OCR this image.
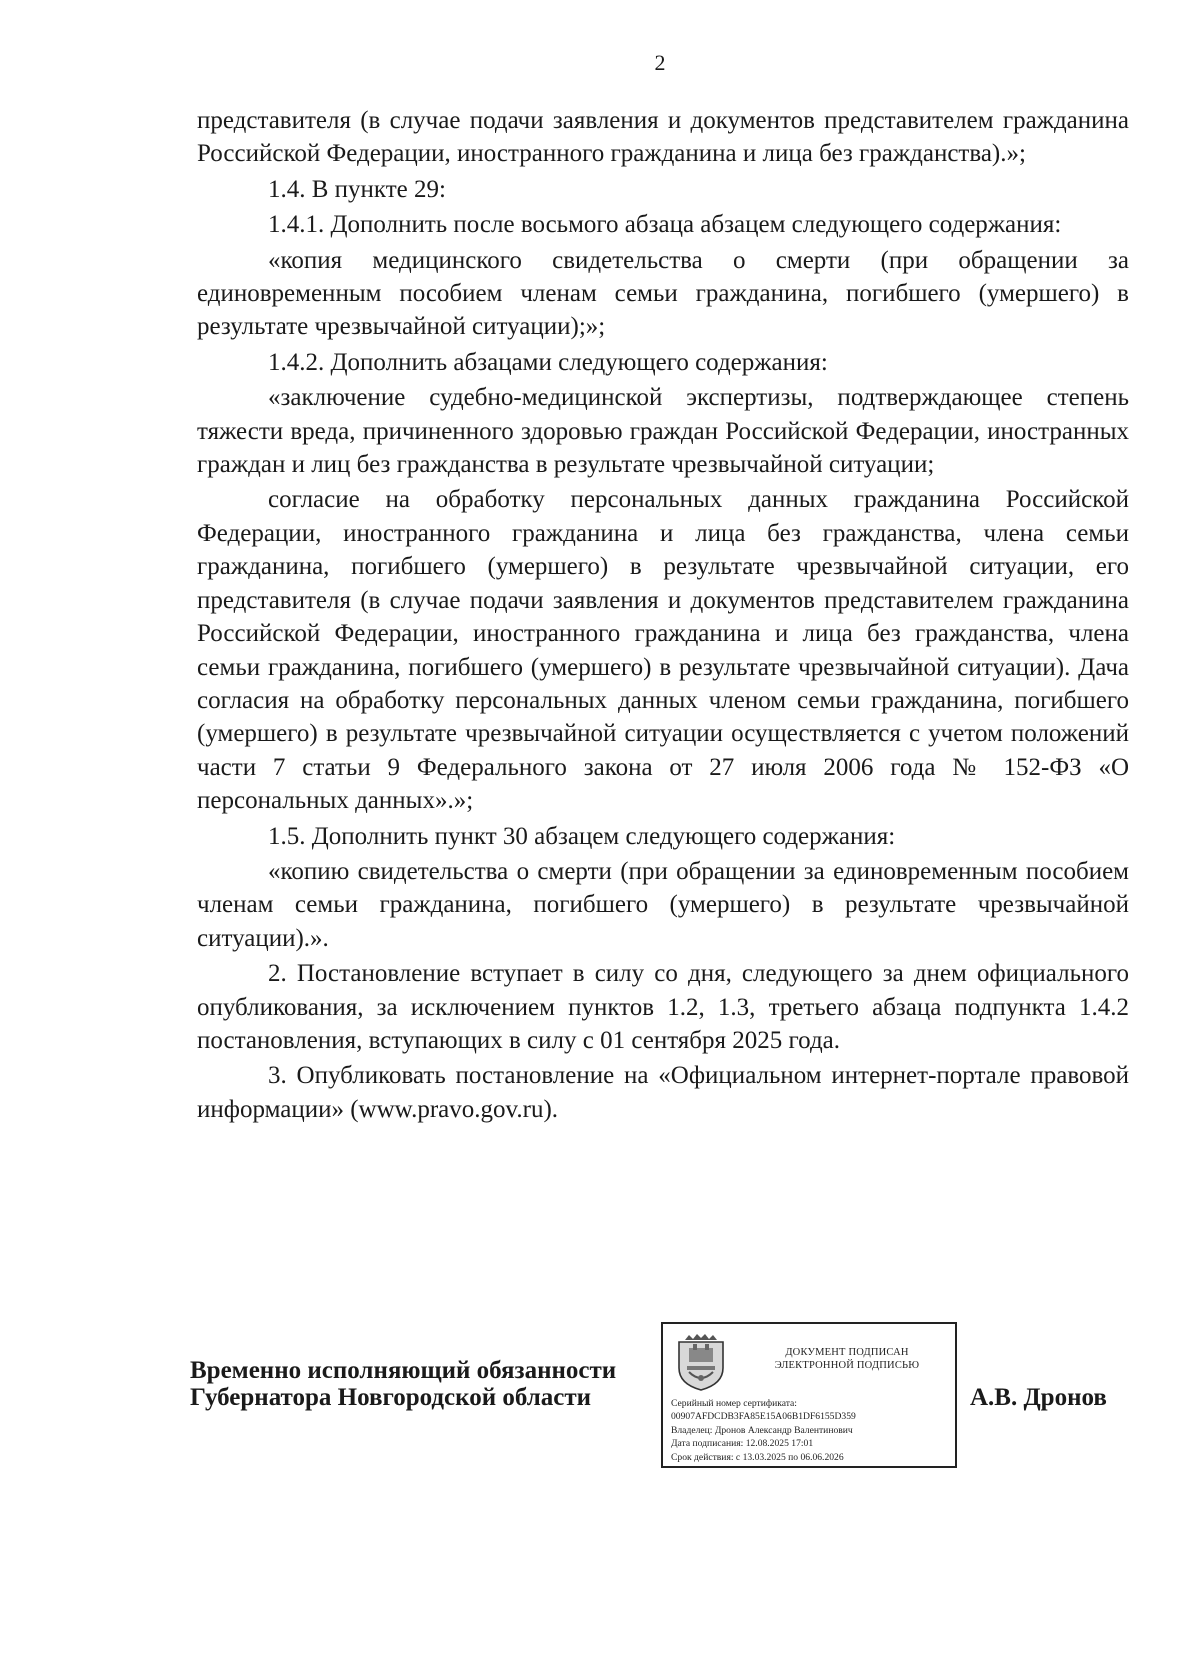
2

представителя (в случае подачи заявления и документов представителем гражданина Российской Федерации, иностранного гражданина и лица без гражданства).»;

1.4. В пункте 29:

1.4.1. Дополнить после восьмого абзаца абзацем следующего содержания:

«копия медицинского свидетельства о смерти (при обращении за единовременным пособием членам семьи гражданина, погибшего (умершего) в результате чрезвычайной ситуации);»;

1.4.2. Дополнить абзацами следующего содержания:

«заключение судебно-медицинской экспертизы, подтверждающее степень тяжести вреда, причиненного здоровью граждан Российской Федерации, иностранных граждан и лиц без гражданства в результате чрезвычайной ситуации;

согласие на обработку персональных данных гражданина Российской Федерации, иностранного гражданина и лица без гражданства, члена семьи гражданина, погибшего (умершего) в результате чрезвычайной ситуации, его представителя (в случае подачи заявления и документов представителем гражданина Российской Федерации, иностранного гражданина и лица без гражданства, члена семьи гражданина, погибшего (умершего) в результате чрезвычайной ситуации). Дача согласия на обработку персональных данных членом семьи гражданина, погибшего (умершего) в результате чрезвычайной ситуации осуществляется с учетом положений части 7 статьи 9 Федерального закона от 27 июля 2006 года № 152-ФЗ «О персональных данных».»;

1.5. Дополнить пункт 30 абзацем следующего содержания:

«копию свидетельства о смерти (при обращении за единовременным пособием членам семьи гражданина, погибшего (умершего) в результате чрезвычайной ситуации).».

2. Постановление вступает в силу со дня, следующего за днем официального опубликования, за исключением пунктов 1.2, 1.3, третьего абзаца подпункта 1.4.2 постановления, вступающих в силу с 01 сентября 2025 года.

3. Опубликовать постановление на «Официальном интернет-портале правовой информации» (www.pravo.gov.ru).

Временно исполняющий обязанности
Губернатора Новгородской области
ДОКУМЕНТ ПОДПИСАН
ЭЛЕКТРОННОЙ ПОДПИСЬЮ
Серийный номер сертификата:
00907AFDCDB3FA85E15A06B1DF6155D359
Владелец: Дронов Александр Валентинович
Дата подписания: 12.08.2025 17:01
Срок действия: с 13.03.2025 по 06.06.2026
А.В. Дронов
